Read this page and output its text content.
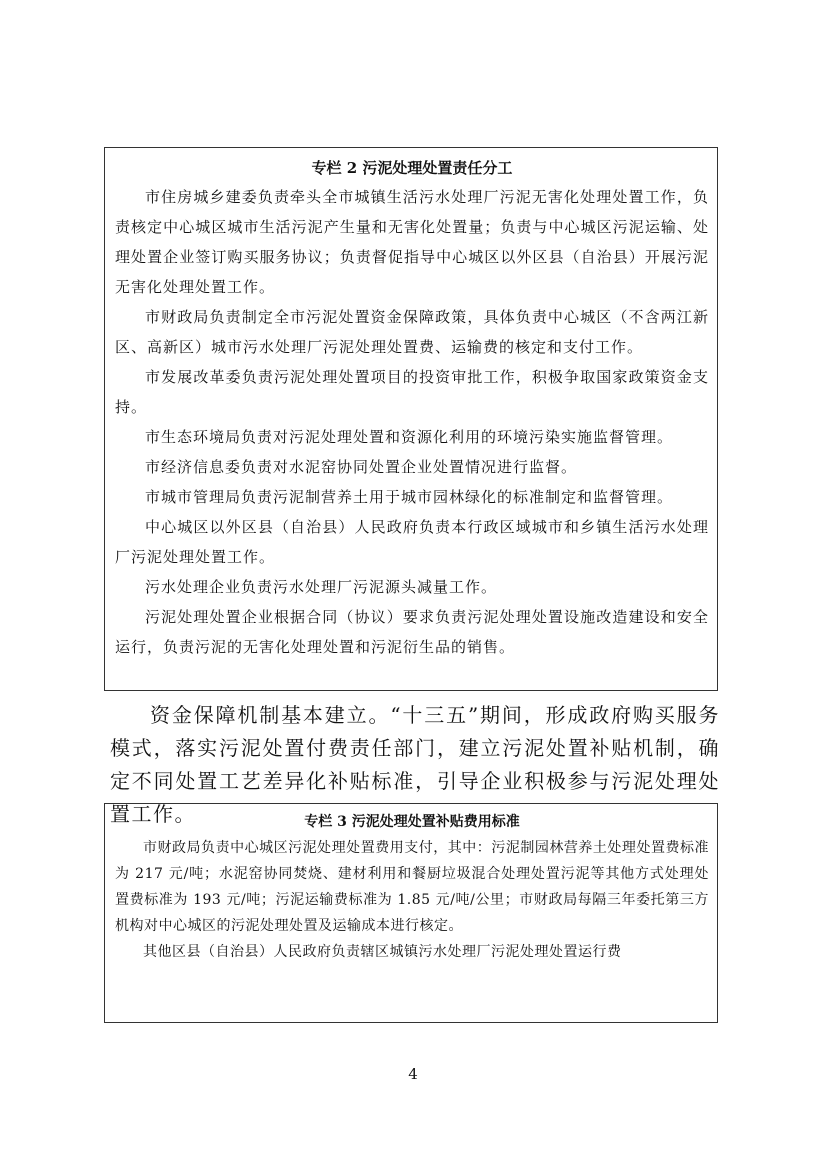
专栏 2 污泥处理处置责任分工

市住房城乡建委负责牵头全市城镇生活污水处理厂污泥无害化处理处置工作，负责核定中心城区城市生活污泥产生量和无害化处置量；负责与中心城区污泥运输、处理处置企业签订购买服务协议；负责督促指导中心城区以外区县（自治县）开展污泥无害化处理处置工作。

市财政局负责制定全市污泥处置资金保障政策，具体负责中心城区（不含两江新区、高新区）城市污水处理厂污泥处理处置费、运输费的核定和支付工作。

市发展改革委负责污泥处理处置项目的投资审批工作，积极争取国家政策资金支持。

市生态环境局负责对污泥处理处置和资源化利用的环境污染实施监督管理。

市经济信息委负责对水泥窑协同处置企业处置情况进行监督。

市城市管理局负责污泥制营养土用于城市园林绿化的标准制定和监督管理。

中心城区以外区县（自治县）人民政府负责本行政区域城市和乡镇生活污水处理厂污泥处理处置工作。

污水处理企业负责污水处理厂污泥源头减量工作。

污泥处理处置企业根据合同（协议）要求负责污泥处理处置设施改造建设和安全运行，负责污泥的无害化处理处置和污泥衍生品的销售。

资金保障机制基本建立。“十三五”期间，形成政府购买服务模式，落实污泥处置付费责任部门，建立污泥处置补贴机制，确定不同处置工艺差异化补贴标准，引导企业积极参与污泥处理处置工作。	专栏 3 污泥处理处置补贴费用标准

市财政局负责中心城区污泥处理处置费用支付，其中：污泥制园林营养土处理处置费标准为 217 元/吨；水泥窑协同焚烧、建材利用和餐厨垃圾混合处理处置污泥等其他方式处理处置费标准为 193 元/吨；污泥运输费标准为 1.85 元/吨/公里；市财政局每隔三年委托第三方机构对中心城区的污泥处理处置及运输成本进行核定。

其他区县（自治县）人民政府负责辖区城镇污水处理厂污泥处理处置运行费

4
